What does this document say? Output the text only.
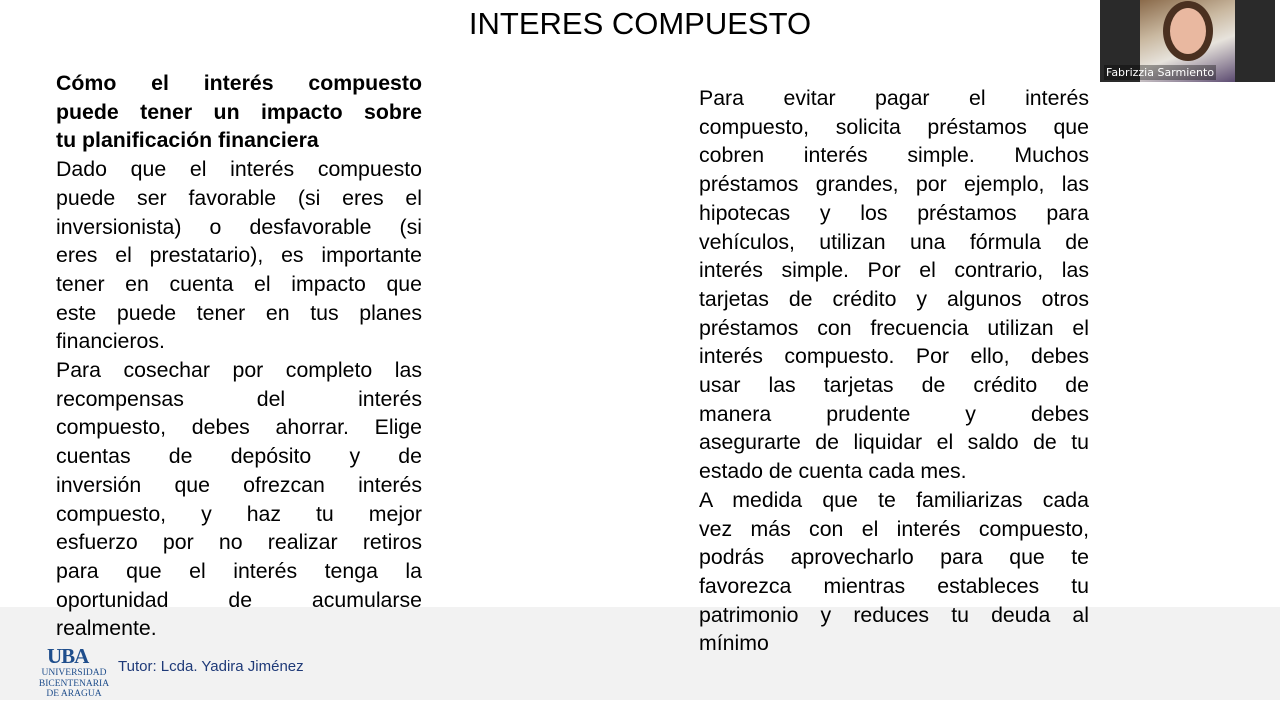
INTERES COMPUESTO
Cómo el interés compuesto
puede tener un impacto sobre
tu planificación financiera
Dado que el interés compuesto
puede ser favorable (si eres el
inversionista) o desfavorable (si
eres el prestatario), es importante
tener en cuenta el impacto que
este puede tener en tus planes
financieros.
Para cosechar por completo las
recompensas del interés
compuesto, debes ahorrar. Elige
cuentas de depósito y de
inversión que ofrezcan interés
compuesto, y haz tu mejor
esfuerzo por no realizar retiros
para que el interés tenga la
oportunidad de acumularse
realmente.
Para evitar pagar el interés
compuesto, solicita préstamos que
cobren interés simple. Muchos
préstamos grandes, por ejemplo, las
hipotecas y los préstamos para
vehículos, utilizan una fórmula de
interés simple. Por el contrario, las
tarjetas de crédito y algunos otros
préstamos con frecuencia utilizan el
interés compuesto. Por ello, debes
usar las tarjetas de crédito de
manera prudente y debes
asegurarte de liquidar el saldo de tu
estado de cuenta cada mes.
A medida que te familiarizas cada
vez más con el interés compuesto,
podrás aprovecharlo para que te
favorezca mientras estableces tu
patrimonio y reduces tu deuda al
mínimo
UBA
UNIVERSIDAD
BICENTENARIA
DE ARAGUA
Tutor: Lcda. Yadira Jiménez
Fabrizzia Sarmiento
